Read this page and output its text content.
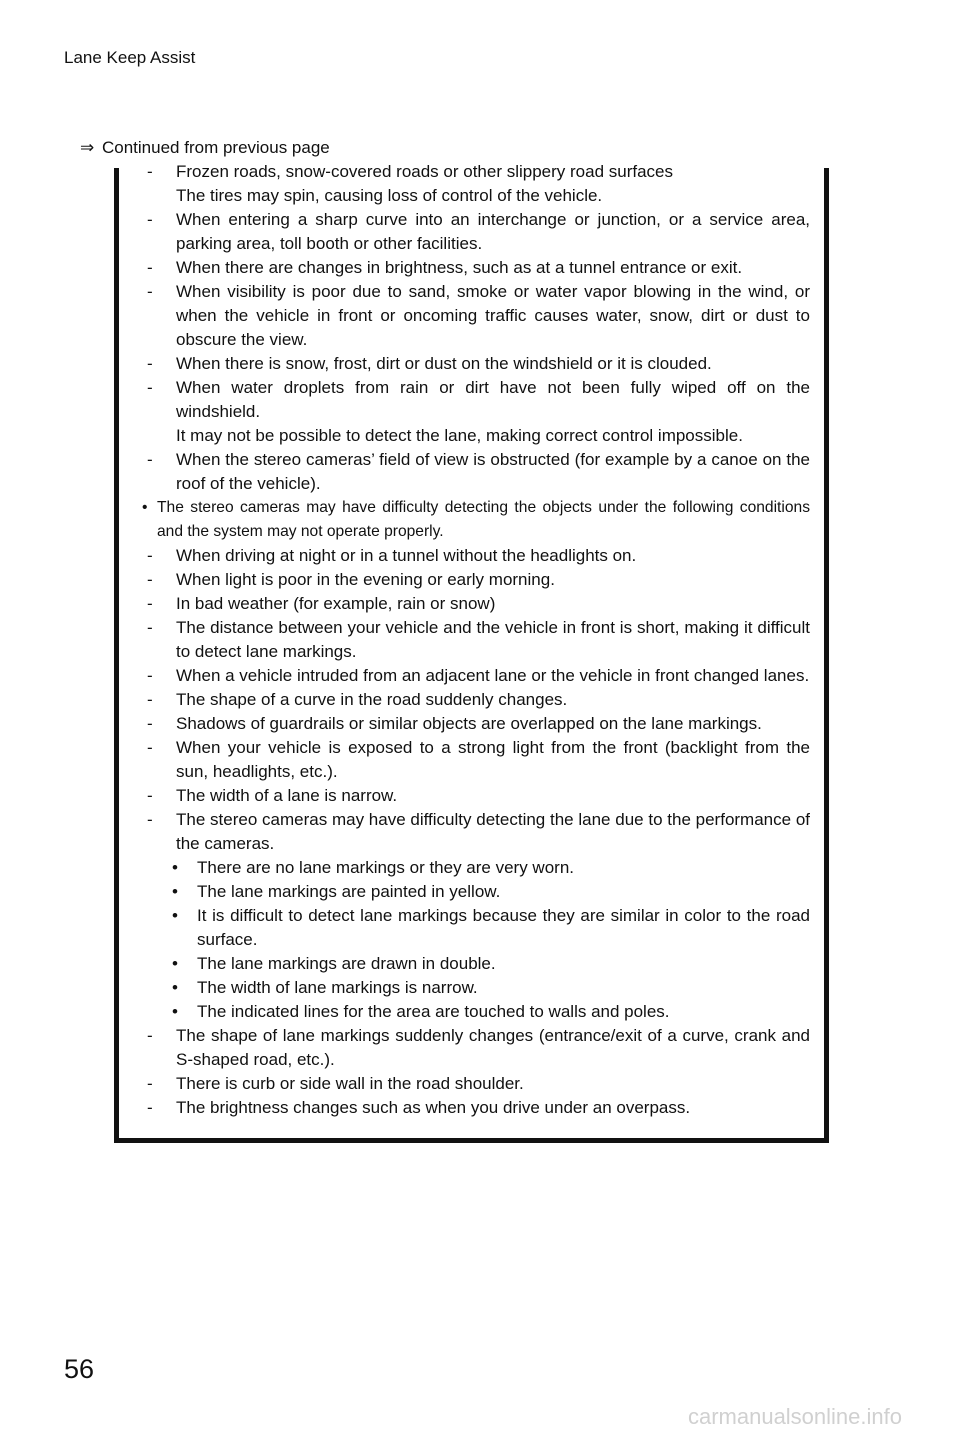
Lane Keep Assist
⇒ Continued from previous page
- Frozen roads, snow-covered roads or other slippery road surfaces
The tires may spin, causing loss of control of the vehicle.
- When entering a sharp curve into an interchange or junction, or a service area, parking area, toll booth or other facilities.
- When there are changes in brightness, such as at a tunnel entrance or exit.
- When visibility is poor due to sand, smoke or water vapor blowing in the wind, or when the vehicle in front or oncoming traffic causes water, snow, dirt or dust to obscure the view.
- When there is snow, frost, dirt or dust on the windshield or it is clouded.
- When water droplets from rain or dirt have not been fully wiped off on the windshield.
It may not be possible to detect the lane, making correct control impossible.
- When the stereo cameras’ field of view is obstructed (for example by a canoe on the roof of the vehicle).
• The stereo cameras may have difficulty detecting the objects under the following conditions and the system may not operate properly.
- When driving at night or in a tunnel without the headlights on.
- When light is poor in the evening or early morning.
- In bad weather (for example, rain or snow)
- The distance between your vehicle and the vehicle in front is short, making it difficult to detect lane markings.
- When a vehicle intruded from an adjacent lane or the vehicle in front changed lanes.
- The shape of a curve in the road suddenly changes.
- Shadows of guardrails or similar objects are overlapped on the lane markings.
- When your vehicle is exposed to a strong light from the front (backlight from the sun, headlights, etc.).
- The width of a lane is narrow.
- The stereo cameras may have difficulty detecting the lane due to the performance of the cameras.
• There are no lane markings or they are very worn.
• The lane markings are painted in yellow.
• It is difficult to detect lane markings because they are similar in color to the road surface.
• The lane markings are drawn in double.
• The width of lane markings is narrow.
• The indicated lines for the area are touched to walls and poles.
- The shape of lane markings suddenly changes (entrance/exit of a curve, crank and S-shaped road, etc.).
- There is curb or side wall in the road shoulder.
- The brightness changes such as when you drive under an overpass.
56
carmanualsonline.info
